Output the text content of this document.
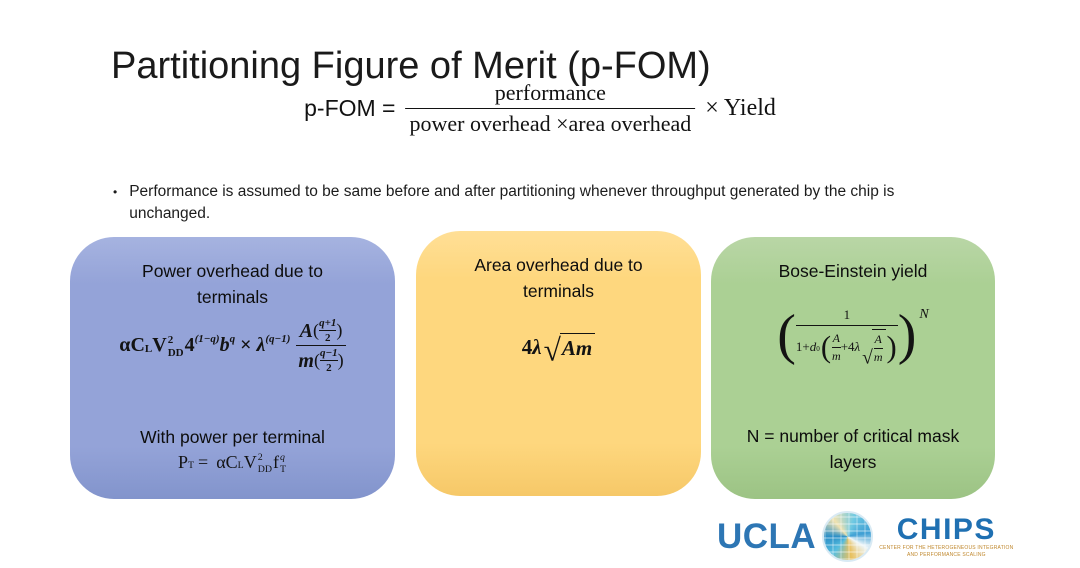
Partitioning Figure of Merit (p-FOM)
$p-FOM = \frac{\text{performance}}{\text{power overhead ×area overhead}}$ × Yield
• Performance is assumed to be same before and after partitioning whenever throughput generated by the chip is unchanged.
Power overhead due to terminals
αC L V 2
DD 4 (1−q) b q × λ $(q-1) \frac{A ( \frac{q+1}{2} )}{m ( \frac{q-1}{2} )}$
With power per terminal
P T = αC L V 2
DD f q
T
Area overhead due to terminals
4 λ √ Am
Bose-Einstein yield
(	1
1+ d 0 ( $\frac{A}{m} +4$ λ
√ $\frac{A}{m}$ ) ) N
N = number of critical mask layers
UCLA	CHIPS
CENTER FOR THE HETEROGENEOUS INTEGRATION
AND PERFORMANCE SCALING
